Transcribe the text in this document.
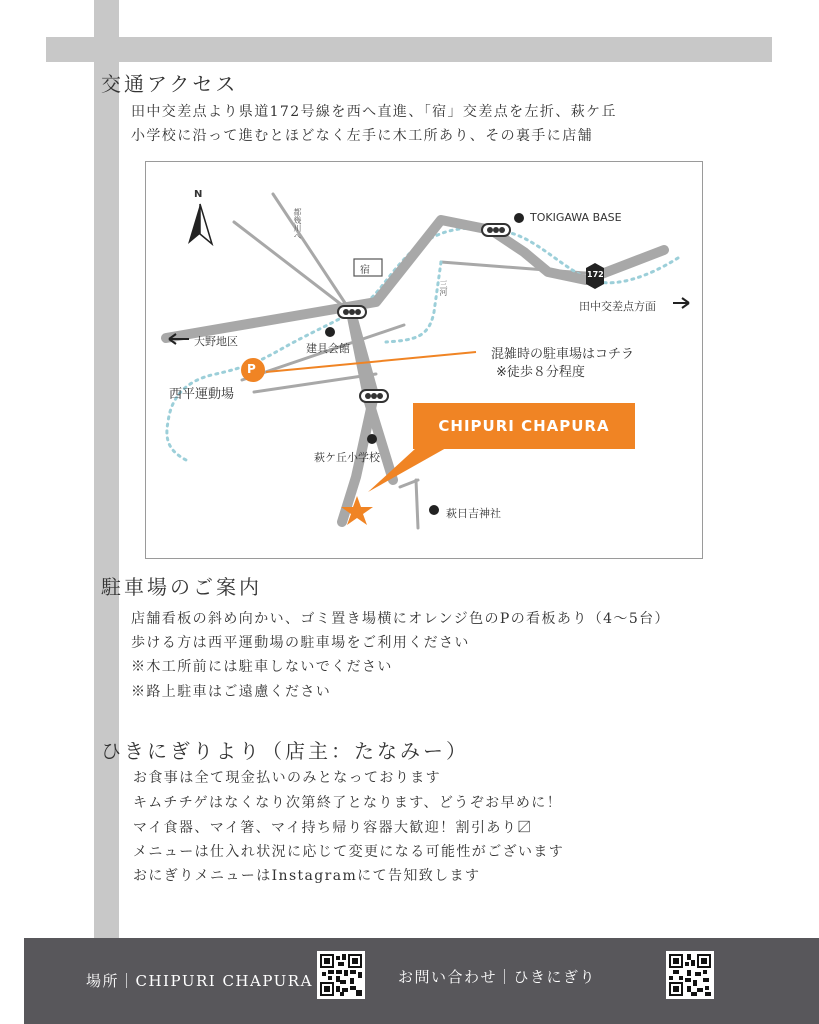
交通アクセス
田中交差点より県道172号線を西へ直進、「宿」交差点を左折、萩ケ丘
小学校に沿って進むとほどなく左手に木工所あり、その裏手に店舗
N
TOKIGAWA BASE
172
田中交差点方面
宿
大野地区
建具会館
西平運動場
P
混雑時の駐車場はコチラ
※徒歩８分程度
萩ケ丘小学校
萩日吉神社
三河
都幾川へ
CHIPURI CHAPURA
駐車場のご案内
店舗看板の斜め向かい、ゴミ置き場横にオレンジ色のPの看板あり（4～5台）
歩ける方は西平運動場の駐車場をご利用ください
※木工所前には駐車しないでください
※路上駐車はご遠慮ください
ひきにぎりより（店主：たなみー）
お食事は全て現金払いのみとなっております
キムチチゲはなくなり次第終了となります、どうぞお早めに！
マイ食器、マイ箸、マイ持ち帰り容器大歓迎！割引あり〼
メニューは仕入れ状況に応じて変更になる可能性がございます
おにぎりメニューはInstagramにて告知致します
場所｜CHIPURI CHAPURA	お問い合わせ｜ひきにぎり
